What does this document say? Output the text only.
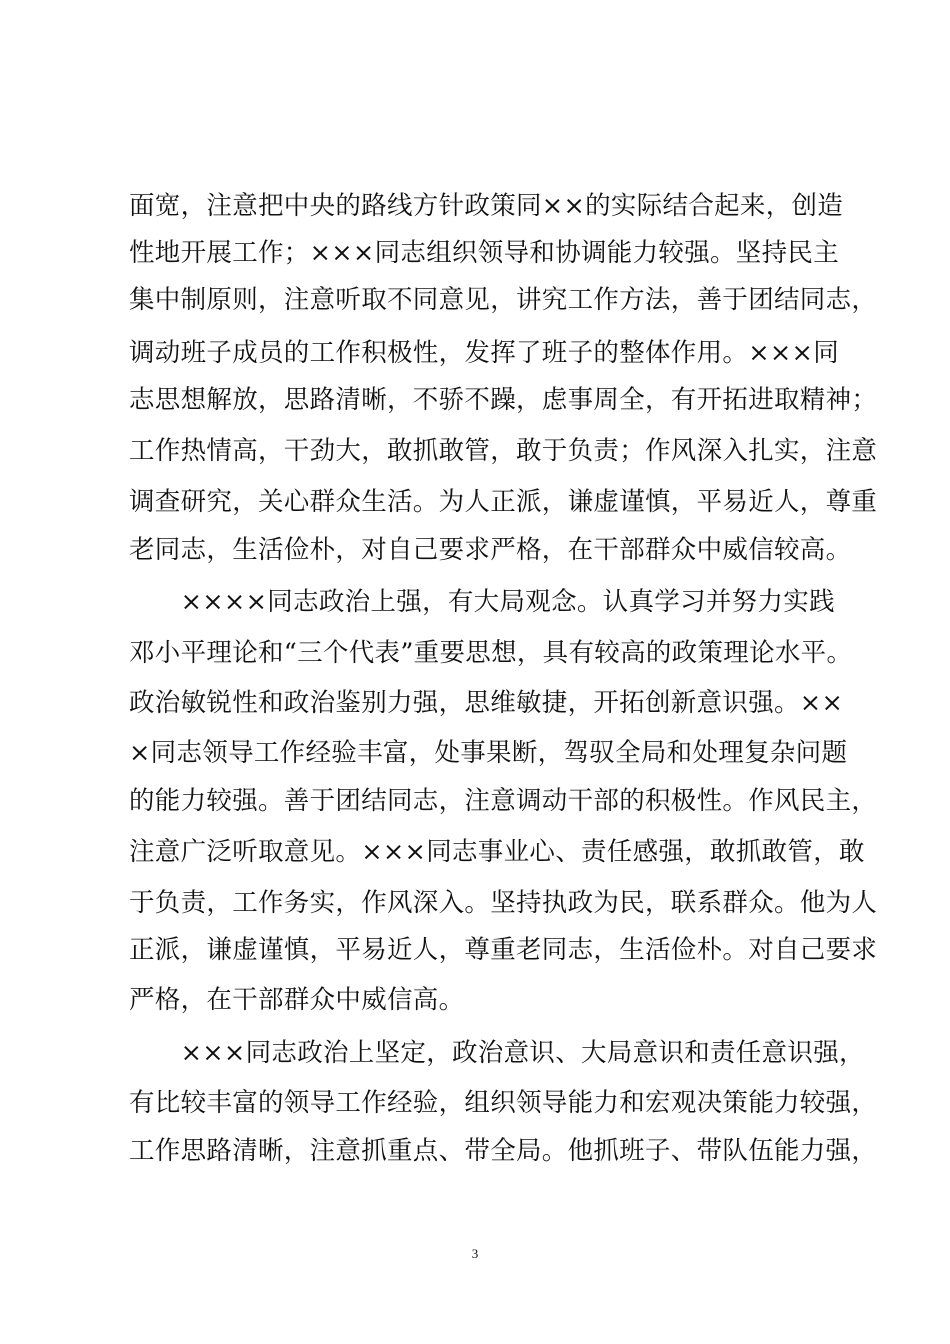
面宽，注意把中央的路线方针政策同××的实际结合起来，创造
性地开展工作；×××同志组织领导和协调能力较强。坚持民主
集中制原则，注意听取不同意见，讲究工作方法，善于团结同志，
调动班子成员的工作积极性，发挥了班子的整体作用。×××同
志思想解放，思路清晰，不骄不躁，虑事周全，有开拓进取精神；
工作热情高，干劲大，敢抓敢管，敢于负责；作风深入扎实，注意
调查研究，关心群众生活。为人正派，谦虚谨慎，平易近人，尊重
老同志，生活俭朴，对自己要求严格，在干部群众中威信较高。
　　××××同志政治上强，有大局观念。认真学习并努力实践
邓小平理论和“三个代表”重要思想，具有较高的政策理论水平。
政治敏锐性和政治鉴别力强，思维敏捷，开拓创新意识强。××
×同志领导工作经验丰富，处事果断，驾驭全局和处理复杂问题
的能力较强。善于团结同志，注意调动干部的积极性。作风民主，
注意广泛听取意见。×××同志事业心、责任感强，敢抓敢管，敢
于负责，工作务实，作风深入。坚持执政为民，联系群众。他为人
正派，谦虚谨慎，平易近人，尊重老同志，生活俭朴。对自己要求
严格，在干部群众中威信高。
　　×××同志政治上坚定，政治意识、大局意识和责任意识强，
有比较丰富的领导工作经验，组织领导能力和宏观决策能力较强，
工作思路清晰，注意抓重点、带全局。他抓班子、带队伍能力强，
3
